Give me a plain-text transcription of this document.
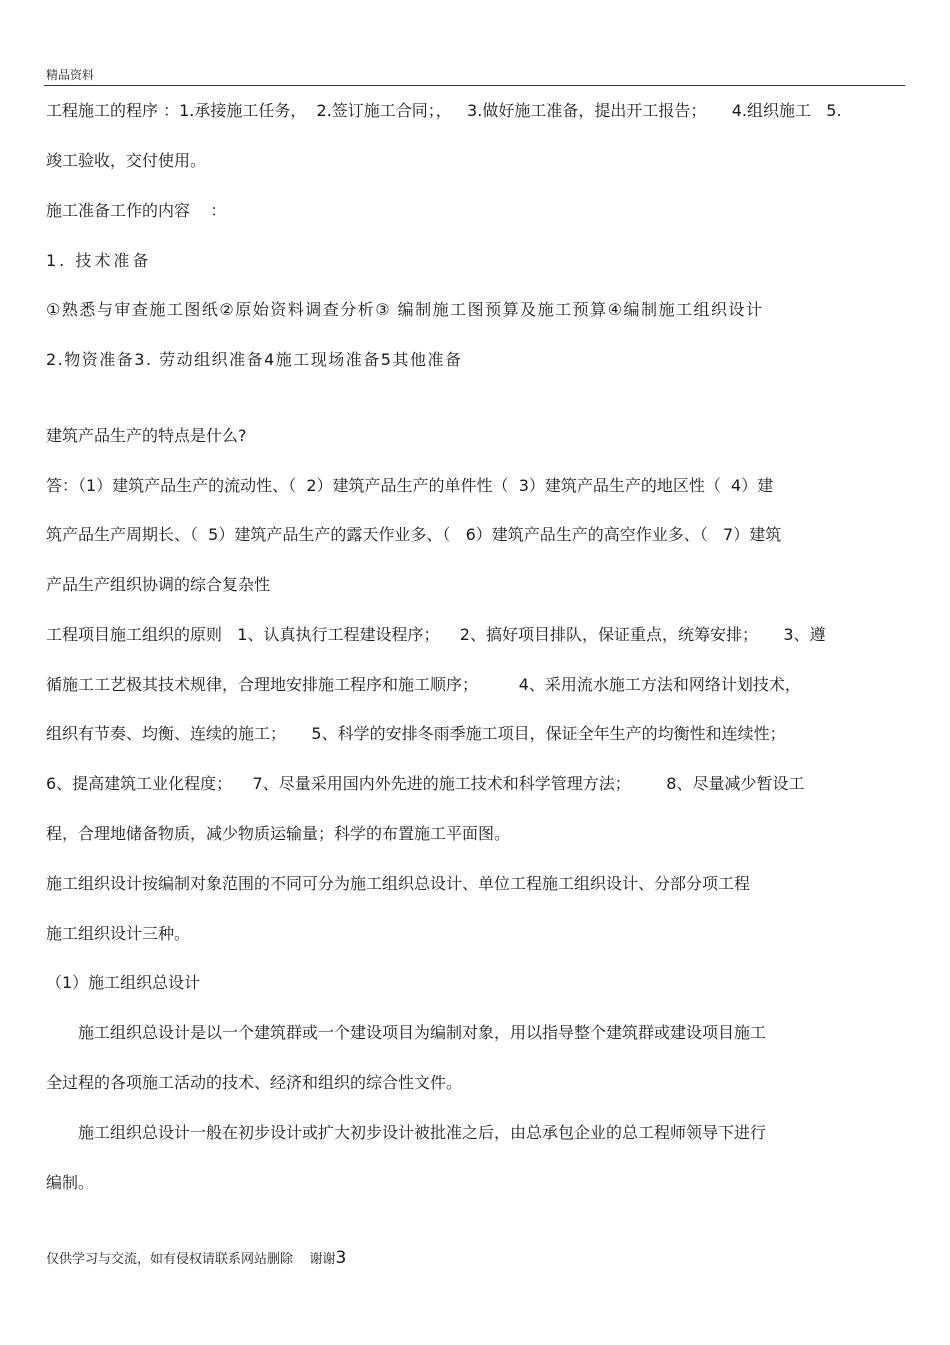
精品资料
工程施工的程序 ：1.承接施工任务，  2.签订施工合同；，   3.做好施工准备，提出开工报告；     4.组织施工   5.
竣工验收，交付使用。
施工准备工作的内容    ：
1. 技术准备
①熟悉与审查施工图纸②原始资料调查分析③ 编制施工图预算及施工预算④编制施工组织设计
2.物资准备3. 劳动组织准备4施工现场准备5其他准备
建筑产品生产的特点是什么?
答：（1）建筑产品生产的流动性、（  2）建筑产品生产的单件性（  3）建筑产品生产的地区性（  4）建
筑产品生产周期长、（  5）建筑产品生产的露天作业多、（   6）建筑产品生产的高空作业多、（   7）建筑
产品生产组织协调的综合复杂性
工程项目施工组织的原则   1、认真执行工程建设程序；    2、搞好项目排队，保证重点，统筹安排；     3、遵
循施工工艺极其技术规律，合理地安排施工程序和施工顺序；        4、采用流水施工方法和网络计划技术，
组织有节奏、均衡、连续的施工；     5、科学的安排冬雨季施工项目，保证全年生产的均衡性和连续性；
6、提高建筑工业化程度；    7、尽量采用国内外先进的施工技术和科学管理方法；       8、尽量减少暂设工
程，合理地储备物质，减少物质运输量；科学的布置施工平面图。
施工组织设计按编制对象范围的不同可分为施工组织总设计、单位工程施工组织设计、分部分项工程
施工组织设计三种。
（1）施工组织总设计
施工组织总设计是以一个建筑群或一个建设项目为编制对象，用以指导整个建筑群或建设项目施工
全过程的各项施工活动的技术、经济和组织的综合性文件。
施工组织总设计一般在初步设计或扩大初步设计被批准之后，由总承包企业的总工程师领导下进行
编制。
仅供学习与交流，如有侵权请联系网站删除    谢谢3
